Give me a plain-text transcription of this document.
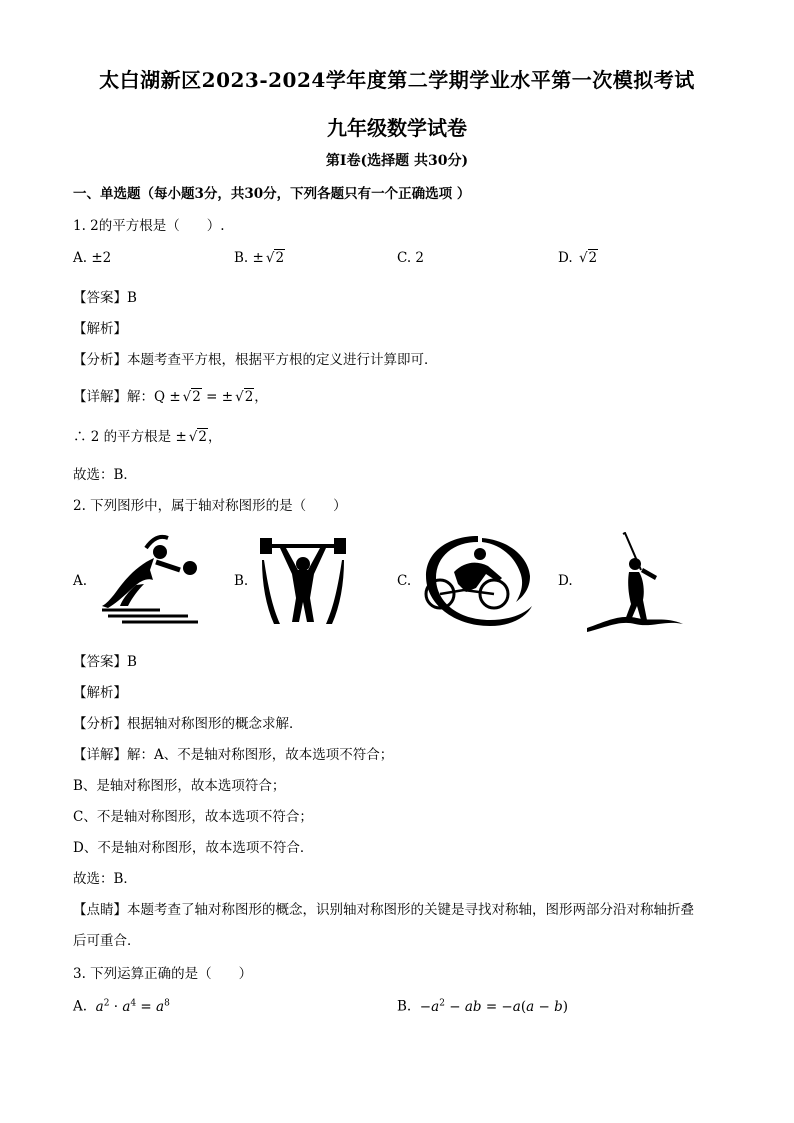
太白湖新区2023-2024学年度第二学期学业水平第一次模拟考试
九年级数学试卷
第Ⅰ卷(选择题 共30分)
一、单选题（每小题3分，共30分，下列各题只有一个正确选项 ）
1. 2的平方根是（　　）.
A. ±2	B. ± √2	C. 2	D. √2
【答案】B
【解析】
【分析】本题考查平方根，根据平方根的定义进行计算即可．
【详解】解：Q ± √2 = ± √2，
∴ 2 的平方根是 ± √2，
故选：B．
2. 下列图形中，属于轴对称图形的是（　　）
A.	B.	C.	D.
【答案】B
【解析】
【分析】根据轴对称图形的概念求解．
【详解】解：A、不是轴对称图形，故本选项不符合；
B、是轴对称图形，故本选项符合；
C、不是轴对称图形，故本选项不符合；
D、不是轴对称图形，故本选项不符合．
故选：B．
【点睛】本题考查了轴对称图形的概念，识别轴对称图形的关键是寻找对称轴，图形两部分沿对称轴折叠
后可重合．
3. 下列运算正确的是（　　）
A. $a^2 \cdot a^4 = a^8$	B.  $-a^2$ − ab = −a(a − b)
